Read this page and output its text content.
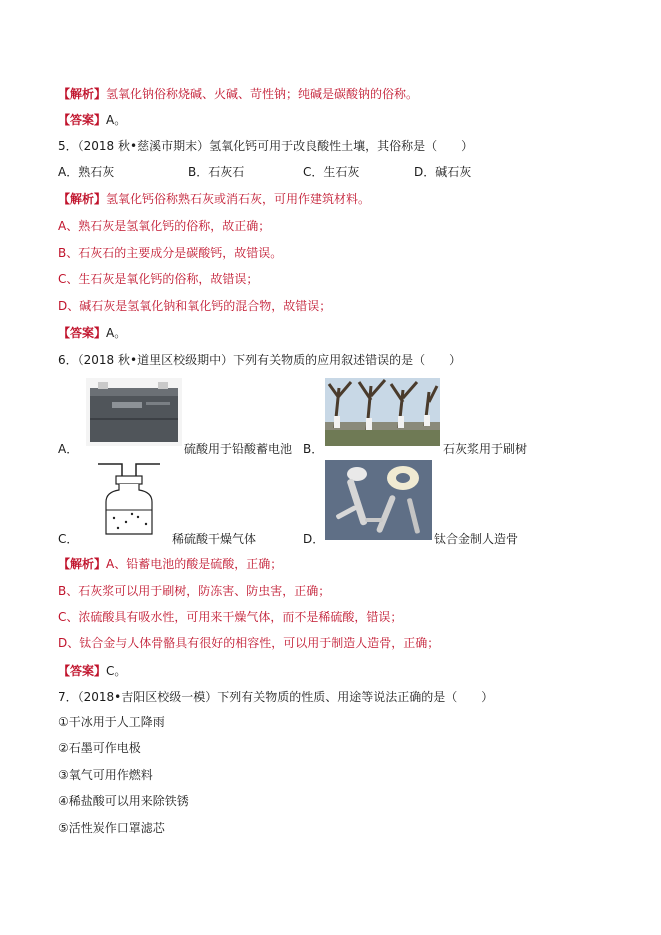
【解析】氢氧化钠俗称烧碱、火碱、苛性钠；纯碱是碳酸钠的俗称。
【答案】A。
5．（2018 秋•慈溪市期末）氢氧化钙可用于改良酸性土壤，其俗称是（　　）
A．熟石灰	B．石灰石	C．生石灰	D．碱石灰
【解析】氢氧化钙俗称熟石灰或消石灰，可用作建筑材料。
A、熟石灰是氢氧化钙的俗称，故正确；
B、石灰石的主要成分是碳酸钙，故错误。
C、生石灰是氧化钙的俗称，故错误；
D、碱石灰是氢氧化钠和氧化钙的混合物，故错误；
【答案】A。
6．（2018 秋•道里区校级期中）下列有关物质的应用叙述错误的是（　　）
A．	硫酸用于铅酸蓄电池 B．	石灰浆用于刷树
C．	稀硫酸干燥气体	D．	钛合金制人造骨
【解析】A、铅蓄电池的酸是硫酸，正确；
B、石灰浆可以用于刷树，防冻害、防虫害，正确；
C、浓硫酸具有吸水性，可用来干燥气体，而不是稀硫酸，错误；
D、钛合金与人体骨骼具有很好的相容性，可以用于制造人造骨，正确；
【答案】C。
7．（2018•吉阳区校级一模）下列有关物质的性质、用途等说法正确的是（　　）
①干冰用于人工降雨
②石墨可作电极
③氧气可用作燃料
④稀盐酸可以用来除铁锈
⑤活性炭作口罩滤芯
